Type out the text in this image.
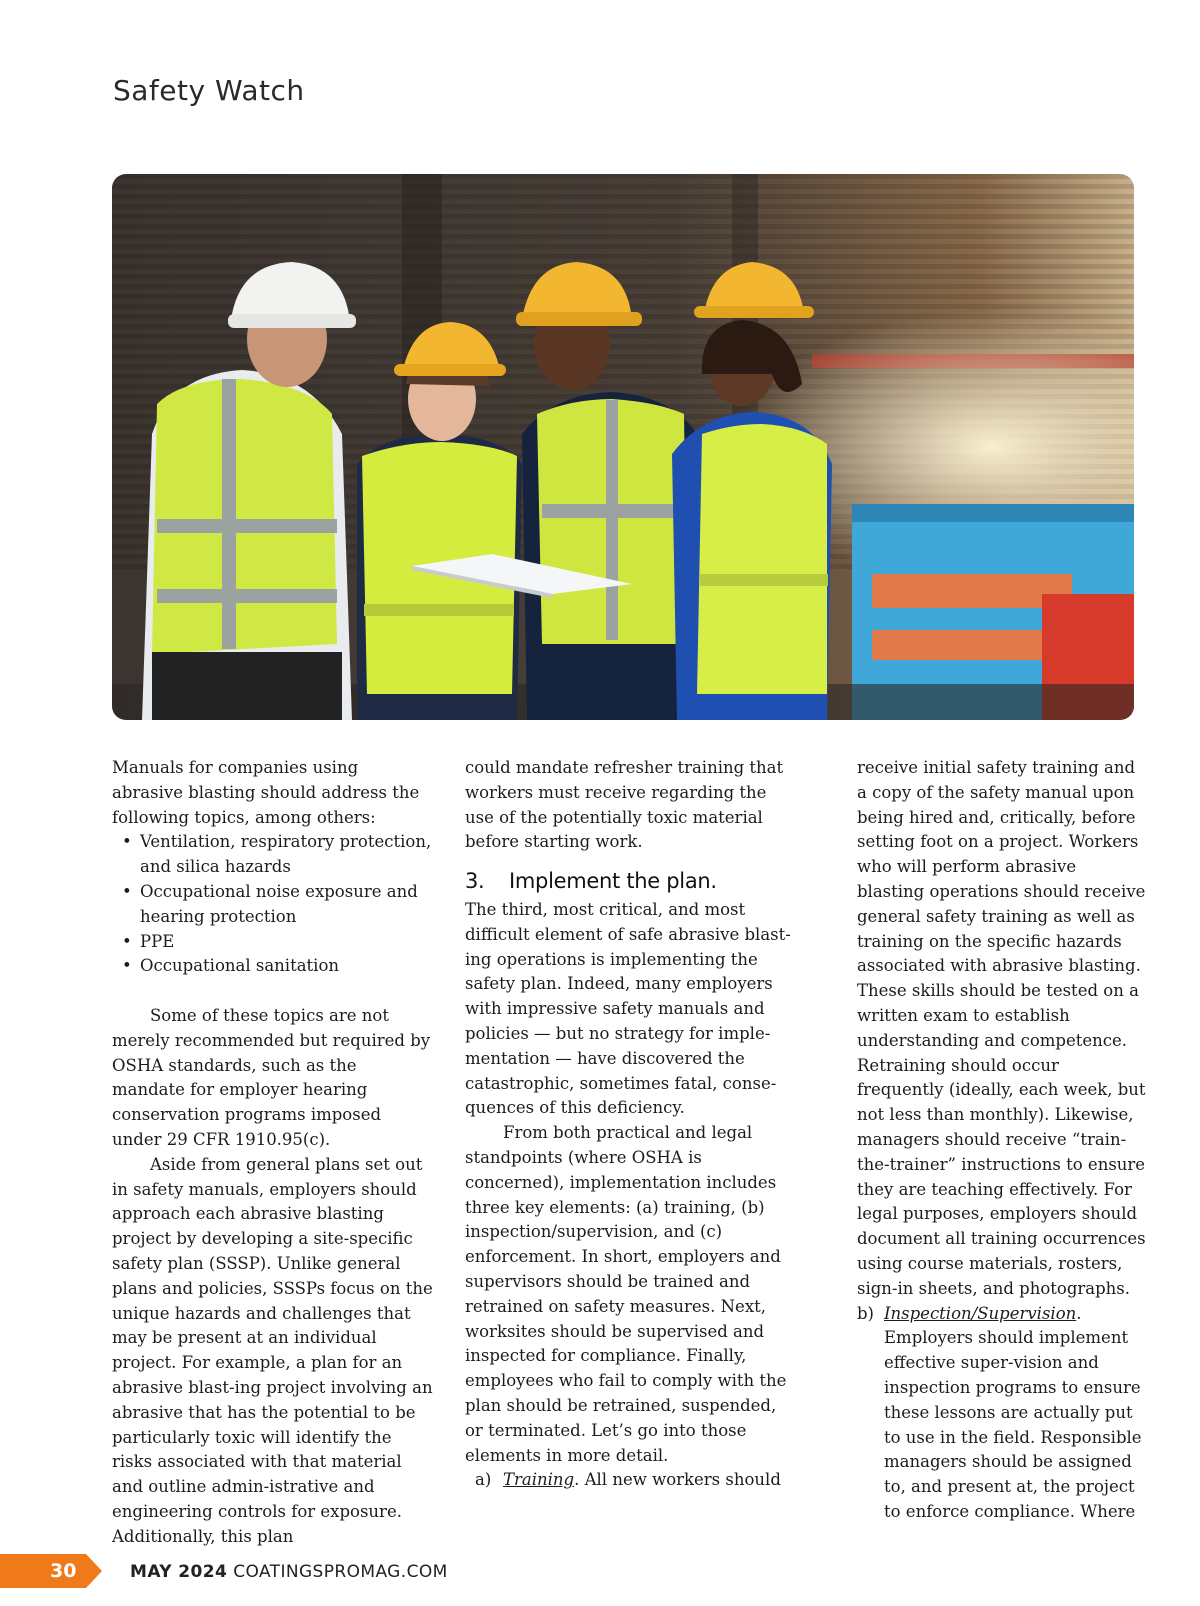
Safety Watch

Manuals for companies using abrasive blasting should address the following topics, among others:

• Ventilation, respiratory protection, and silica hazards
• Occupational noise exposure and hearing protection
• PPE
• Occupational sanitation

Some of these topics are not merely recommended but required by OSHA standards, such as the mandate for employer hearing conservation programs imposed under 29 CFR 1910.95(c).

Aside from general plans set out in safety manuals, employers should approach each abrasive blasting project by developing a site-specific safety plan (SSSP). Unlike general plans and policies, SSSPs focus on the unique hazards and challenges that may be present at an individual project. For example, a plan for an abrasive blast-ing project involving an abrasive that has the potential to be particularly toxic will identify the risks associated with that material and outline admin-istrative and engineering controls for exposure. Additionally, this plan

could mandate refresher training that workers must receive regarding the use of the potentially toxic material before starting work.

3. Implement the plan.

The third, most critical, and most difficult element of safe abrasive blast-ing operations is implementing the safety plan. Indeed, many employers with impressive safety manuals and policies — but no strategy for imple-mentation — have discovered the catastrophic, sometimes fatal, conse-quences of this deficiency.

From both practical and legal standpoints (where OSHA is concerned), implementation includes three key elements: (a) training, (b) inspection/supervision, and (c) enforcement. In short, employers and supervisors should be trained and retrained on safety measures. Next, worksites should be supervised and inspected for compliance. Finally, employees who fail to comply with the plan should be retrained, suspended, or terminated. Let’s go into those elements in more detail.

a) Training. All new workers should

receive initial safety training and a copy of the safety manual upon being hired and, critically, before setting foot on a project. Workers who will perform abrasive blasting operations should receive general safety training as well as training on the specific hazards associated with abrasive blasting. These skills should be tested on a written exam to establish understanding and competence. Retraining should occur frequently (ideally, each week, but not less than monthly). Likewise, managers should receive “train-the-trainer” instructions to ensure they are teaching effectively. For legal purposes, employers should document all training occurrences using course materials, rosters, sign-in sheets, and photographs.

b) Inspection/Supervision. Employers should implement effective super-vision and inspection programs to ensure these lessons are actually put to use in the field. Responsible managers should be assigned to, and present at, the project to enforce compliance. Where

30	MAY 2024 COATINGSPROMAG.COM
